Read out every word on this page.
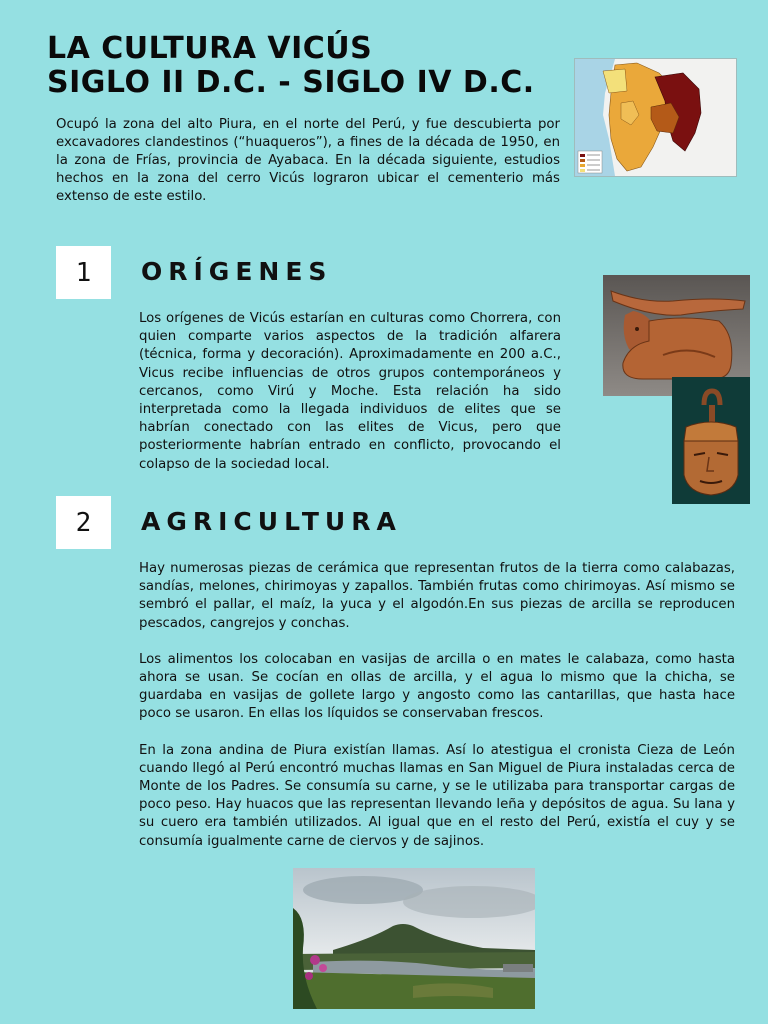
LA CULTURA VICÚS
SIGLO II D.C. - SIGLO IV D.C.

Ocupó la zona del alto Piura, en el norte del Perú, y fue descubierta por excavadores clandestinos (“huaqueros”), a fines de la década de 1950, en la zona de Frías, provincia de Ayabaca. En la década siguiente, estudios hechos en la zona del cerro Vicús lograron ubicar el cementerio más extenso de este estilo.

1	ORÍGENES

Los orígenes de Vicús estarían en culturas como Chorrera, con quien comparte varios aspectos de la tradición alfarera (técnica, forma y decoración). Aproximadamente en 200 a.C., Vicus recibe influencias de otros grupos contemporáneos y cercanos, como Virú y Moche. Esta relación ha sido interpretada como la llegada individuos de elites que se habrían conectado con las elites de Vicus, pero que posteriormente habrían entrado en conflicto, provocando el colapso de la sociedad local.

2	AGRICULTURA

Hay numerosas piezas de cerámica que representan frutos de la tierra como calabazas, sandías, melones, chirimoyas y zapallos. También frutas como chirimoyas. Así mismo se sembró el pallar, el maíz, la yuca y el algodón.En sus piezas de arcilla se reproducen pescados, cangrejos y conchas.

Los alimentos los colocaban en vasijas de arcilla o en mates le calabaza, como hasta ahora se usan. Se cocían en ollas de arcilla, y el agua lo mismo que la chicha, se guardaba en vasijas de gollete largo y angosto como las cantarillas, que hasta hace poco se usaron. En ellas los líquidos se conservaban frescos.

En la zona andina de Piura existían llamas. Así lo atestigua el cronista Cieza de León cuando llegó al Perú encontró muchas llamas en San Miguel de Piura instaladas cerca de Monte de los Padres. Se consumía su carne, y se le utilizaba para transportar cargas de poco peso. Hay huacos que las representan llevando leña y depósitos de agua. Su lana y su cuero era también utilizados. Al igual que en el resto del Perú, existía el cuy y se consumía igualmente carne de ciervos y de sajinos.
